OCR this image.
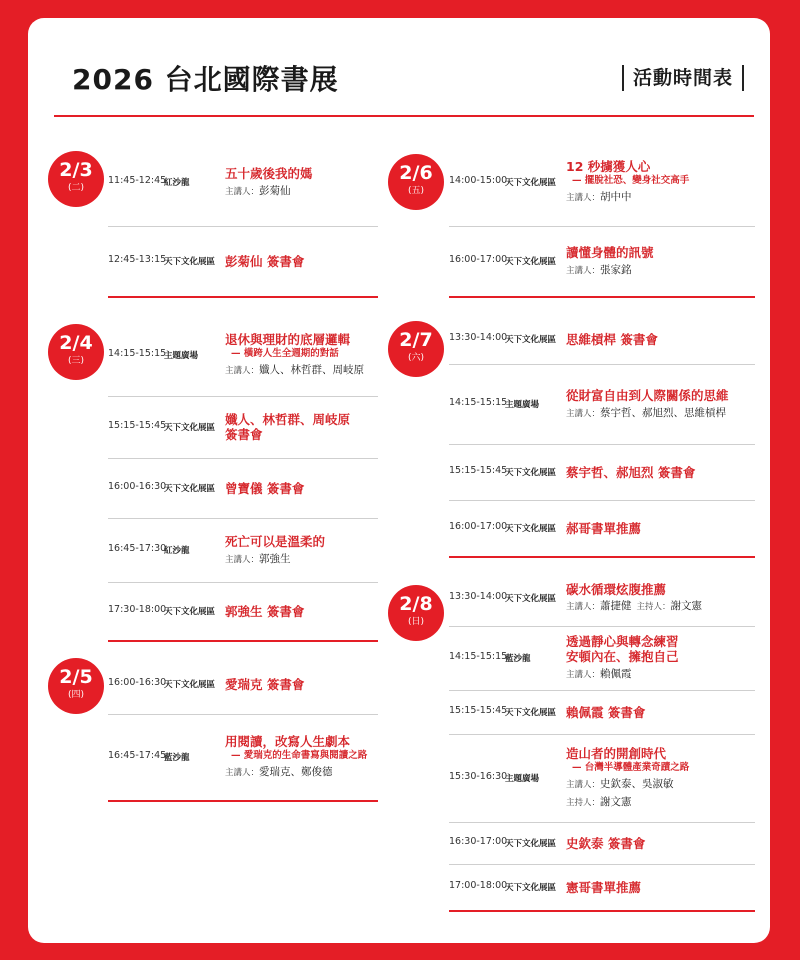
2026 台北國際書展	活動時間表
2/3
(二)
11:45-12:45
紅沙龍
五十歲後我的媽
主講人：彭菊仙
12:45-13:15
天下文化展區 彭菊仙 簽書會
2/4
(三)
14:15-15:15
主題廣場
退休與理財的底層邏輯
— 橫跨人生全週期的對話
主講人：孅人、林哲群、周岐原
15:15-15:45
天下文化展區
孅人、林哲群、周岐原
簽書會
16:00-16:30
天下文化展區 曾寶儀 簽書會
16:45-17:30
紅沙龍
死亡可以是溫柔的
主講人：郭強生
17:30-18:00
天下文化展區 郭強生 簽書會
2/5
(四)
16:00-16:30
天下文化展區 愛瑞克 簽書會
16:45-17:45
藍沙龍
用閱讀，改寫人生劇本
— 愛瑞克的生命書寫與閱讀之路
主講人：愛瑞克、鄭俊德
2/6
(五)
14:00-15:00
天下文化展區
12 秒擄獲人心
— 擺脫社恐、變身社交高手
主講人：胡中中
16:00-17:00
天下文化展區
讀懂身體的訊號
主講人：張家銘
2/7
(六)
13:30-14:00
天下文化展區 思維槓桿 簽書會
14:15-15:15
主題廣場
從財富自由到人際關係的思維
主講人：蔡宇哲、郝旭烈、思維槓桿
15:15-15:45
天下文化展區 蔡宇哲、郝旭烈 簽書會
16:00-17:00
天下文化展區 郝哥書單推薦
2/8
(日)
13:30-14:00
天下文化展區
碳水循環炫腹推薦
主講人：蕭捷健 主持人：謝文憲
14:15-15:15
藍沙龍
透過靜心與轉念練習
安頓內在、擁抱自己
主講人：賴佩霞
15:15-15:45
天下文化展區 賴佩霞 簽書會
15:30-16:30
主題廣場
造山者的開創時代
— 台灣半導體產業奇蹟之路
主講人：史欽泰、吳淑敏
主持人：謝文憲
16:30-17:00
天下文化展區 史欽泰 簽書會
17:00-18:00
天下文化展區 憲哥書單推薦
